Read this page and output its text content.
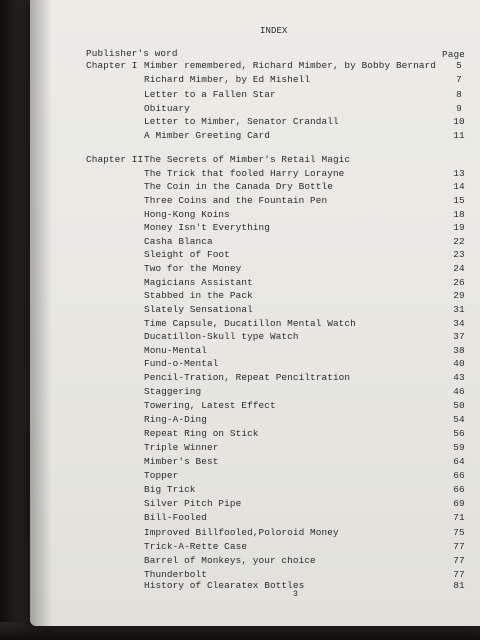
INDEX
Page
Publisher's word
Chapter I Mimber remembered, Richard Mimber, by Bobby Bernard	5
Richard Mimber, by Ed Mishell	7
Letter to a Fallen Star	8
Obituary	9
Letter to Mimber, Senator Crandall	10
A Mimber Greeting Card	11
Chapter II The Secrets of Mimber's Retail Magic
The Trick that fooled Harry Lorayne	13
The Coin in the Canada Dry Bottle	14
Three Coins and the Fountain Pen	15
Hong-Kong Koins	18
Money Isn't Everything	19
Casha Blanca	22
Sleight of Foot	23
Two for the Money	24
Magicians Assistant	26
Stabbed in the Pack	29
Slately Sensational	31
Time Capsule, Ducatillon Mental Watch	34
Ducatillon-Skull type Watch	37
Monu-Mental	38
Fund-o-Mental	40
Pencil-Tration, Repeat Penciltration	43
Staggering	46
Towering, Latest Effect	50
Ring-A-Ding	54
Repeat Ring on Stick	56
Triple Winner	59
Mimber's Best	64
Topper	66
Big Trick	66
Silver Pitch Pipe	69
Bill-Fooled	71
Improved Billfooled,Poloroid Money	75
Trick-A-Rette Case	77
Barrel of Monkeys, your choice	77
Thunderbolt	77
History of Clearatex Bottles	81
3
